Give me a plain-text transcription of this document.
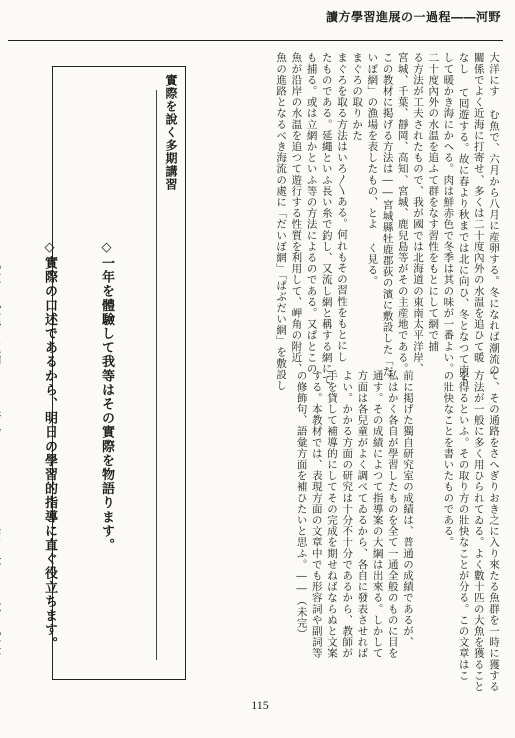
讀方學習進展の一過程――河野
大洋にす む魚で、六月から八月に産卵する。冬になれば潮流の
關係でよく近海に打寄せ、多くは二十度內外の水温を追ひて暖
なし て囘遊する。故に春より秋までは北に向ひ、冬となつて南下
して暖かき海にかへる。肉は鮮赤色で冬季は其の味が一番よい。
二十度內外の水温を追ふて群をなす習性をもとにして網で捕
る方法が工夫されたもので、我が國では北海道の東南太平洋岸、
宮城、千葉、靜岡、高知、宮城、鹿兒島等がその主産地である。
この教材に掲げる方法は――宮城縣牡鹿郡荻の濱に敷設した「だ
いぼ網」の漁場を表したもの、とよ く見る。
まぐろの取りかた
まぐろを取る方法はいろ〳〵ある。何れもその習性をもとにし
たものである。延繩といふ長い糸で釣し、又流し網と稱する網にて
も捕る。或は立網かといふ等の方法によるのである。又ぱとこの
魚が沿岸の水温を追つて遊行する性質を利用して、岬角の附近、
魚の進路となるべき海流の處に「だいぼ網」「ぱぶだい網」を敷設し
て、その通路をさへぎりおき之に入り來たる魚群を一時に獲する
方法が一般に多く用ひられてゐる。よく數十匹の大魚を獲ること
を得るといふ。その取り方の壯快なことが分る。この文章はこ
の壯快なことを書いたものである。
前に掲げた獨自研究室の成績は、普通の成績であるが、
私はかく各自が學習したものを全て一通全般のものに目を
通す。その成績によつて指導案の大綱は出來る。しかして
方面は各兒童がよく調べてゐるから、各自に發表させれば
よい。かかる方面の研究は十分不十分であるから、教師が
手を貸して補導的にしてその完成を期せねばならぬと文案
する。本教材では、表現方面の文章中でも形容詞や副詞等
の修飾句、語彙方面を補ひたいと思ふ。――（未完）
實際を說く多期講習

◇一年を體驗して我等はその實際を物語ります。

◇實際の口述であるから、明日の學習的指導に直ぐ役立ちます。

115
